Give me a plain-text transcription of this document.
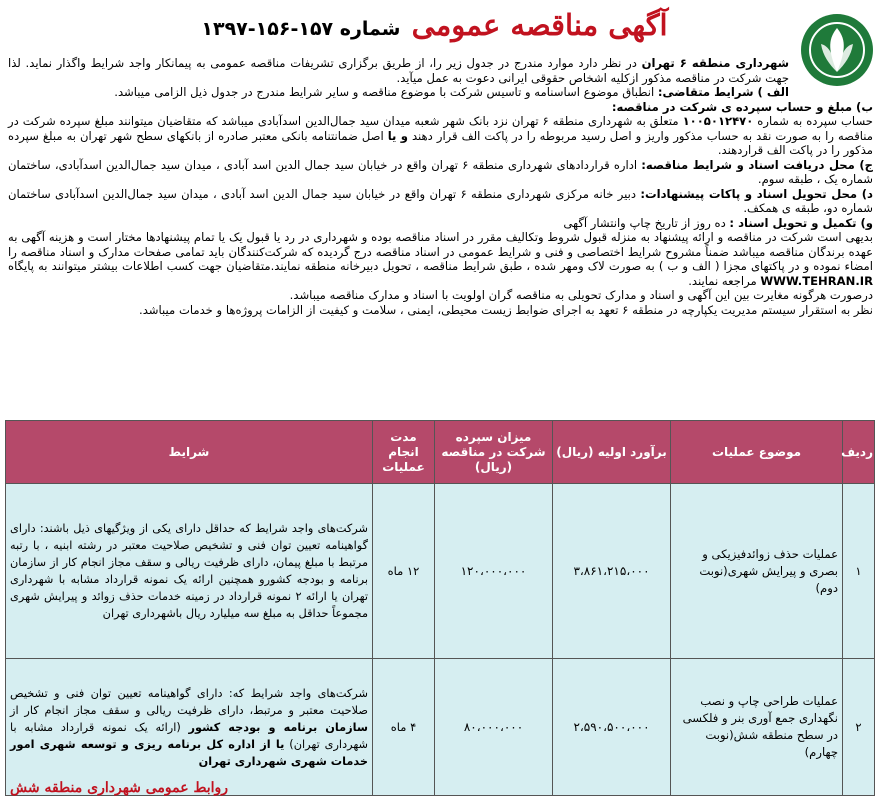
آگهی مناقصه عمومی شماره ۱۵۷-۱۵۶-۱۳۹۷

شهرداری منطقه ۶ تهران در نظر دارد موارد مندرج در جدول زیر را، از طریق برگزاری تشریفات مناقصه عمومی به پیمانکار واجد شرایط واگذار نماید. لذا جهت شرکت در مناقصه مذکور ازکلیه اشخاص حقوقی ایرانی دعوت به عمل میآید.

الف ) شرایط متقاضی: انطباق موضوع اساسنامه و تاسیس شرکت با موضوع مناقصه و سایر شرایط مندرج در جدول ذیل الزامی میباشد.

ب) مبلغ و حساب سپرده ی شرکت در مناقصه:

حساب سپرده به شماره ۱۰۰۵۰۱۲۴۷۰ متعلق به شهرداری منطقه ۶ تهران نزد بانک شهر شعبه میدان سید جمال‌الدین اسدآبادی میباشد که متقاضیان میتوانند مبلغ سپرده شرکت در مناقصه را به صورت نقد به حساب مذکور واریز و اصل رسید مربوطه را در پاکت الف قرار دهند و یا اصل ضمانتنامه بانکی معتبر صادره از بانکهای سطح شهر تهران به مبلغ سپرده مذکور را در پاکت الف قراردهند.

ج) محل دریافت اسناد و شرایط مناقصه: اداره قراردادهای شهرداری منطقه ۶ تهران واقع در خیابان سید جمال الدین اسد آبادی ، میدان سید جمال‌الدین اسدآبادی، ساختمان شماره یک ، طبقه سوم.

د) محل تحویل اسناد و پاکات پیشنهادات: دبیر خانه مرکزی شهرداری منطقه ۶ تهران واقع در خیابان سید جمال الدین اسد آبادی ، میدان سید جمال‌الدین اسدآبادی ساختمان شماره دو، طبقه ی همکف.

و) تکمیل و تحویل اسناد : ده روز از تاریخ چاپ وانتشار آگهی

بدیهی است شرکت در مناقصه و ارائه پیشنهاد به منزله قبول شروط وتکالیف مقرر در اسناد مناقصه بوده و شهرداری در رد یا قبول یک یا تمام پیشنهادها مختار است و هزینه آگهی به عهده برندگان مناقصه میباشد ضمناً مشروح شرایط اختصاصی و فنی و شرایط عمومی در اسناد مناقصه درج گردیده که شرکت‌کنندگان باید تمامی صفحات مدارک و اسناد مناقصه را امضاء نموده و در پاکتهای مجزا ( الف و ب ) به صورت لاک ومهر شده ، طبق شرایط مناقصه ، تحویل دبیرخانه منطقه نمایند.متقاضیان جهت کسب اطلاعات بیشتر میتوانند به پایگاه WWW.TEHRAN.IR مراجعه نمایند.

درصورت هرگونه مغایرت بین این آگهی و اسناد و مدارک تحویلی به مناقصه گران اولویت با اسناد و مدارک مناقصه میباشد.

نظر به استقرار سیستم مدیریت یکپارچه در منطقه ۶ تعهد به اجرای ضوابط زیست محیطی، ایمنی ، سلامت و کیفیت از الزامات پروژه‌ها و خدمات میباشد.

ردیف	موضوع عملیات	برآورد اولیه (ریال)	میزان سپرده شرکت در مناقصه (ریال)	مدت انجام عملیات	شرایط
۱	عملیات حذف زوائدفیزیکی و بصری و پیرایش شهری(نوبت دوم)	۳،۸۶۱،۲۱۵،۰۰۰	۱۲۰،۰۰۰،۰۰۰	۱۲ ماه	شرکت‌های واجد شرایط که حداقل دارای یکی از ویژگیهای ذیل باشند: دارای گواهینامه تعیین توان فنی و تشخیص صلاحیت معتبر در رشته ابنیه ، با رتبه مرتبط با مبلغ پیمان، دارای ظرفیت ریالی و سقف مجاز انجام کار از سازمان برنامه و بودجه کشورو همچنین ارائه یک نمونه قرارداد مشابه با شهرداری تهران یا ارائه ۲ نمونه قرارداد در زمینه خدمات حذف زوائد و پیرایش شهری مجموعاً حداقل به مبلغ سه میلیارد ریال باشهرداری تهران
۲	عملیات طراحی چاپ و نصب نگهداری جمع آوری بنر و فلکسی در سطح منطقه شش(نوبت چهارم)	۲،۵۹۰،۵۰۰،۰۰۰	۸۰،۰۰۰،۰۰۰	۴ ماه	شرکت‌های واجد شرایط که: دارای گواهینامه تعیین توان فنی و تشخیص صلاحیت معتبر و مرتبط، دارای ظرفیت ریالی و سقف مجاز انجام کار از سازمان برنامه و بودجه کشور (ارائه یک نمونه قرارداد مشابه با شهرداری تهران) یا از اداره کل برنامه ریزی و توسعه شهری امور خدمات شهری شهرداری تهران
روابط عمومی شهرداری منطقه شش
